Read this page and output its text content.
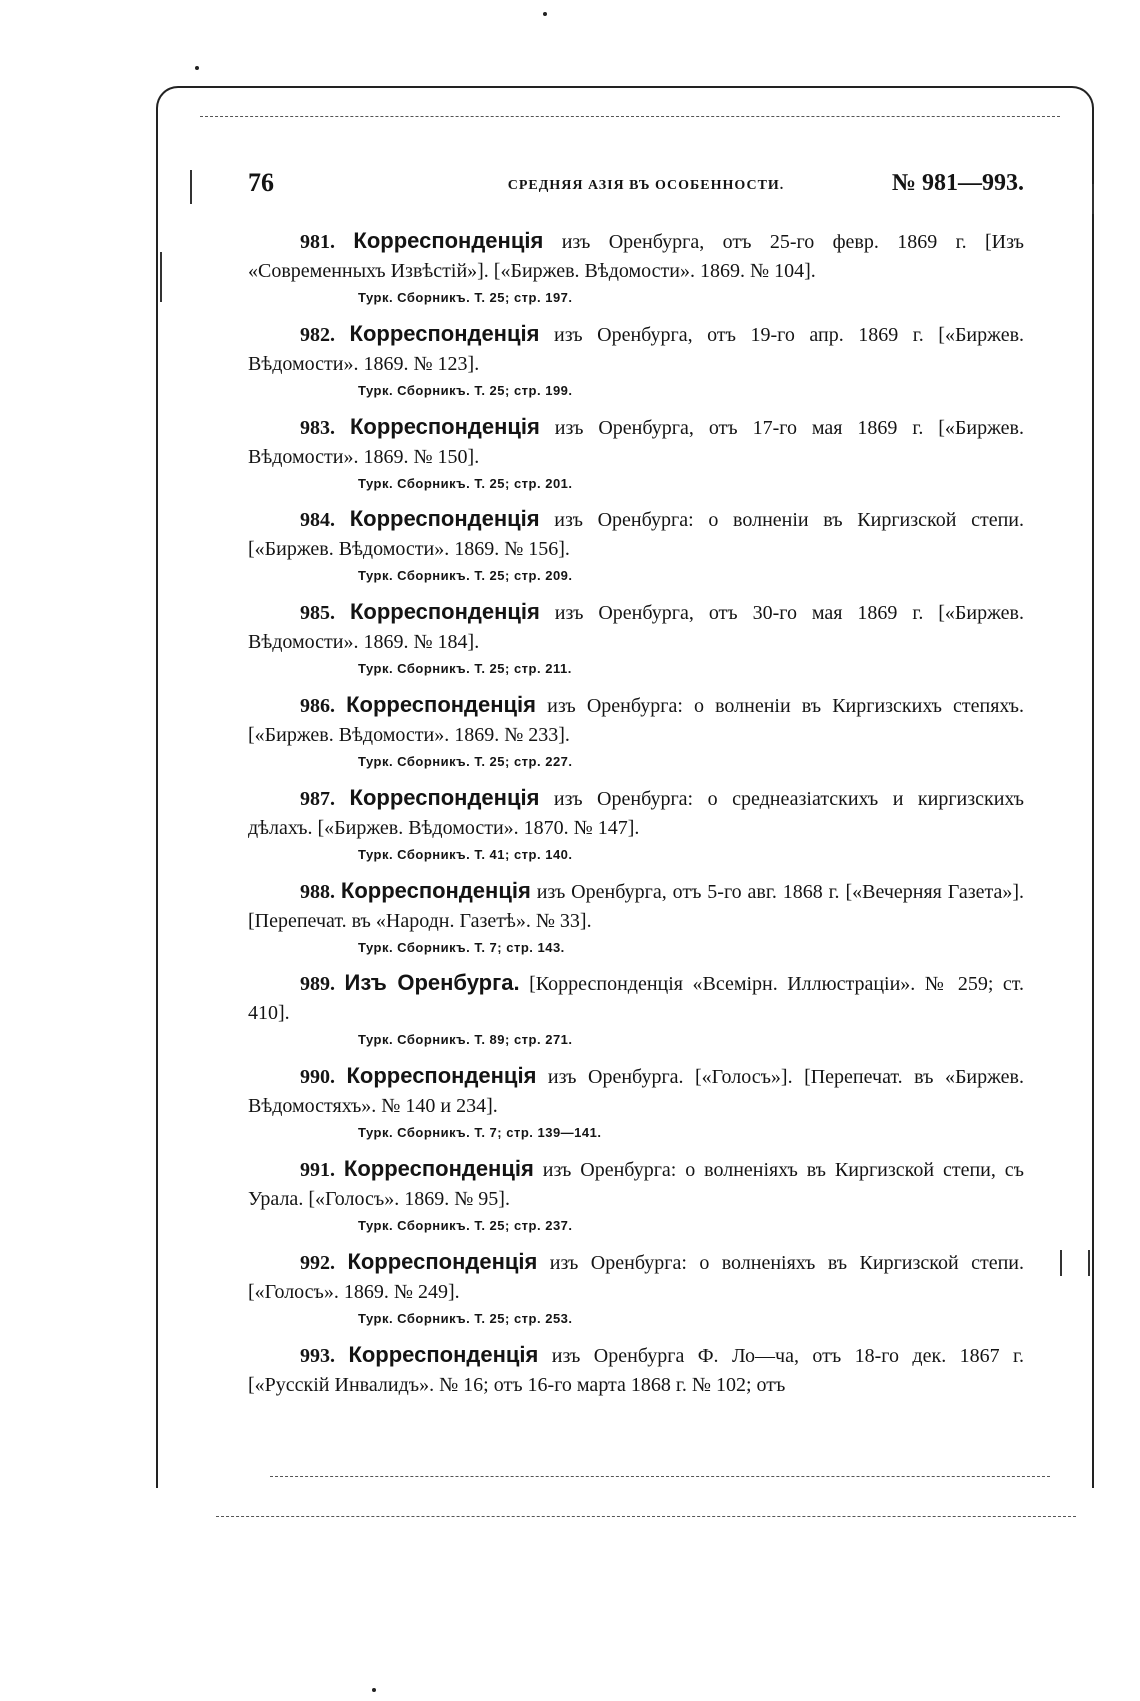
76	СРЕДНЯЯ АЗІЯ ВЪ ОСОБЕННОСТИ.	№ 981—993.

981. Корреспонденція изъ Оренбурга, отъ 25-го февр. 1869 г. [Изъ «Современныхъ Извѣстій»]. [«Биржев. Вѣдомости». 1869. № 104].

Турк. Сборникъ. Т. 25; стр. 197.

982. Корреспонденція изъ Оренбурга, отъ 19-го апр. 1869 г. [«Биржев. Вѣдомости». 1869. № 123].

Турк. Сборникъ. Т. 25; стр. 199.

983. Корреспонденція изъ Оренбурга, отъ 17-го мая 1869 г. [«Биржев. Вѣдомости». 1869. № 150].

Турк. Сборникъ. Т. 25; стр. 201.

984. Корреспонденція изъ Оренбурга: о волненіи въ Киргизской степи. [«Биржев. Вѣдомости». 1869. № 156].

Турк. Сборникъ. Т. 25; стр. 209.

985. Корреспонденція изъ Оренбурга, отъ 30-го мая 1869 г. [«Биржев. Вѣдомости». 1869. № 184].

Турк. Сборникъ. Т. 25; стр. 211.

986. Корреспонденція изъ Оренбурга: о волненіи въ Киргизскихъ степяхъ. [«Биржев. Вѣдомости». 1869. № 233].

Турк. Сборникъ. Т. 25; стр. 227.

987. Корреспонденція изъ Оренбурга: о среднеазіатскихъ и киргизскихъ дѣлахъ. [«Биржев. Вѣдомости». 1870. № 147].

Турк. Сборникъ. Т. 41; стр. 140.

988. Корреспонденція изъ Оренбурга, отъ 5-го авг. 1868 г. [«Вечерняя Газета»]. [Перепечат. въ «Народн. Газетѣ». № 33].

Турк. Сборникъ. Т. 7; стр. 143.

989. Изъ Оренбурга. [Корреспонденція «Всемірн. Иллюстраціи». № 259; ст. 410].

Турк. Сборникъ. Т. 89; стр. 271.

990. Корреспонденція изъ Оренбурга. [«Голосъ»]. [Перепечат. въ «Биржев. Вѣдомостяхъ». № 140 и 234].

Турк. Сборникъ. Т. 7; стр. 139—141.

991. Корреспонденція изъ Оренбурга: о волненіяхъ въ Киргизской степи, съ Урала. [«Голосъ». 1869. № 95].

Турк. Сборникъ. Т. 25; стр. 237.

992. Корреспонденція изъ Оренбурга: о волненіяхъ въ Киргизской степи. [«Голосъ». 1869. № 249].

Турк. Сборникъ. Т. 25; стр. 253.

993. Корреспонденція изъ Оренбурга Ф. Ло—ча, отъ 18-го дек. 1867 г. [«Русскій Инвалидъ». № 16; отъ 16-го марта 1868 г. № 102; отъ
